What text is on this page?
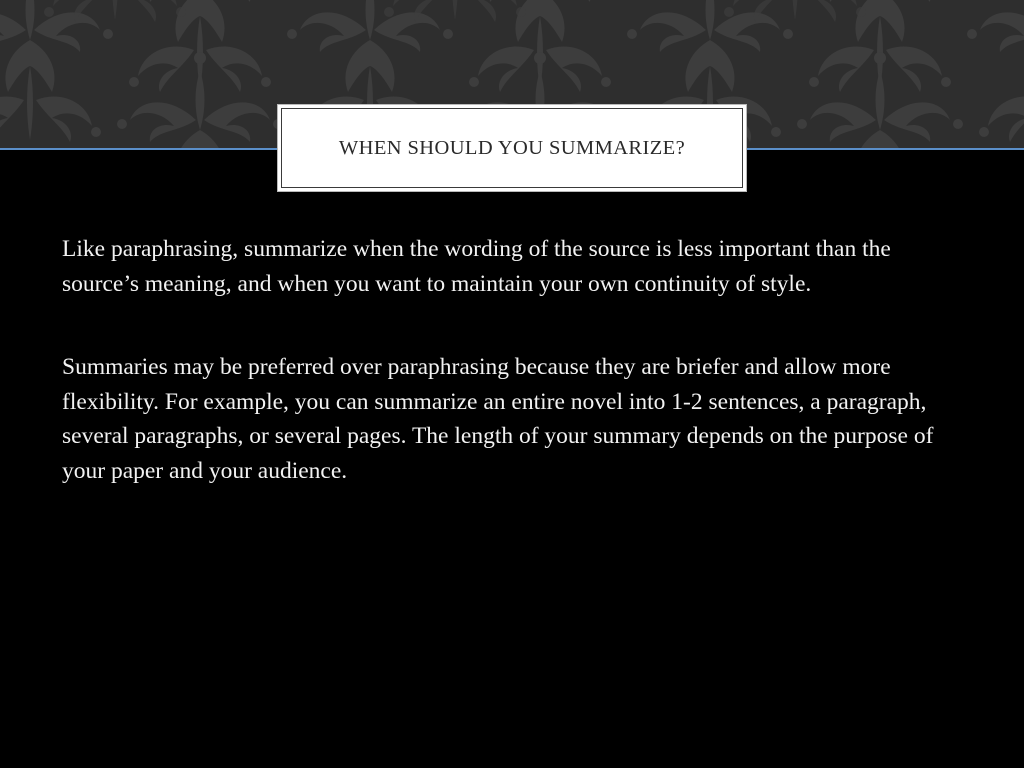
WHEN SHOULD YOU SUMMARIZE?

Like paraphrasing, summarize when the wording of the source is less important than the source’s meaning, and when you want to maintain your own continuity of style.

Summaries may be preferred over paraphrasing because they are briefer and allow more flexibility. For example, you can summarize an entire novel into 1-2 sentences, a paragraph, several paragraphs, or several pages. The length of your summary depends on the purpose of your paper and your audience.
